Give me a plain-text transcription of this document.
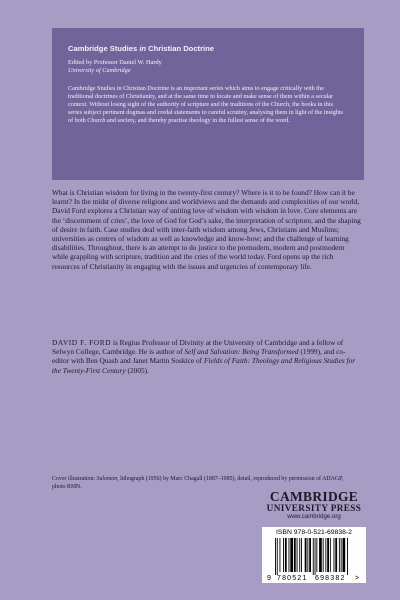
Cambridge Studies in Christian Doctrine

Edited by Professor Daniel W. Hardy
University of Cambridge

Cambridge Studies in Christian Doctrine is an important series which aims to engage critically with the traditional doctrines of Christianity, and at the same time to locate and make sense of them within a secular context. Without losing sight of the authority of scripture and the traditions of the Church, the books in this series subject pertinent dogmas and credal statements to careful scrutiny, analysing them in light of the insights of both Church and society, and thereby practise theology in the fullest sense of the word.

What is Christian wisdom for living in the twenty-first century? Where is it to be found? How can it be learnt? In the midst of diverse religions and worldviews and the demands and complexities of our world, David Ford explores a Christian way of uniting love of wisdom with wisdom in love. Core elements are the ‘discernment of cries’, the love of God for God’s sake, the interpretation of scripture, and the shaping of desire in faith. Case studies deal with inter-faith wisdom among Jews, Christians and Muslims; universities as centres of wisdom as well as knowledge and know-how; and the challenge of learning disabilities. Throughout, there is an attempt to do justice to the premodern, modern and postmodern while grappling with scripture, tradition and the cries of the world today. Ford opens up the rich resources of Christianity in engaging with the issues and urgencies of contemporary life.

DAVID F. FORD is Regius Professor of Divinity at the University of Cambridge and a fellow of Selwyn College, Cambridge. He is author of Self and Salvation: Being Transformed (1999), and co-editor with Ben Quash and Janet Martin Soskice of Fields of Faith: Theology and Religious Studies for the Twenty-First Century (2005).

Cover illustration: Salomon, lithograph (1956) by Marc Chagall (1887–1985), detail, reproduced by permission of ADAGP, photo RMN.

CAMBRIDGE
UNIVERSITY PRESS
www.cambridge.org
ISBN 978-0-521-69838-2
9 780521 698382 >
